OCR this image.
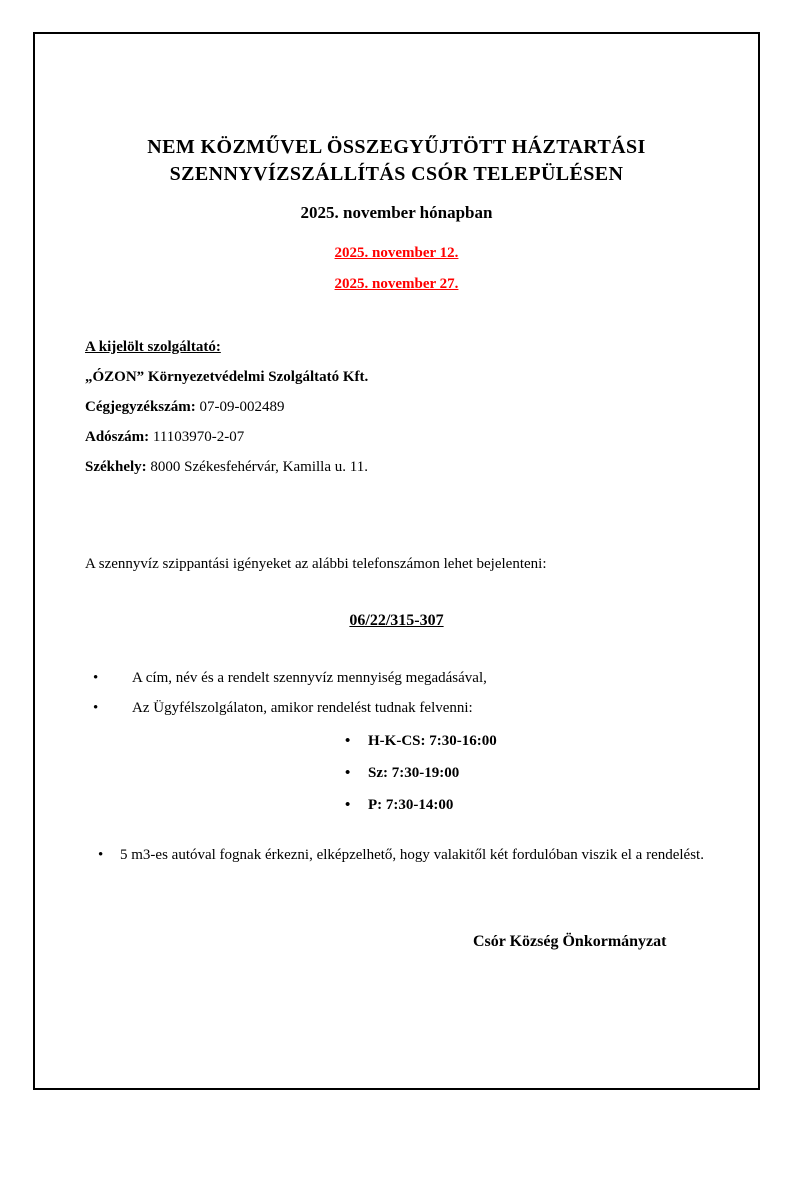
NEM KÖZMŰVEL ÖSSZEGYŰJTÖTT HÁZTARTÁSI
SZENNYVÍZSZÁLLÍTÁS CSÓR TELEPÜLÉSEN
2025. november hónapban
2025. november 12.
2025. november 27.
A kijelölt szolgáltató:
„ÓZON” Környezetvédelmi Szolgáltató Kft.
Cégjegyzékszám: 07-09-002489
Adószám: 11103970-2-07
Székhely: 8000 Székesfehérvár, Kamilla u. 11.
A szennyvíz szippantási igényeket az alábbi telefonszámon lehet bejelenteni:
06/22/315-307
•
A cím, név és a rendelt szennyvíz mennyiség megadásával,
•
Az Ügyfélszolgálaton, amikor rendelést tudnak felvenni:
•
H-K-CS: 7:30-16:00
•
Sz: 7:30-19:00
•
P: 7:30-14:00
•
5 m3-es autóval fognak érkezni, elképzelhető, hogy valakitől két fordulóban viszik el a rendelést.
Csór Község Önkormányzat
